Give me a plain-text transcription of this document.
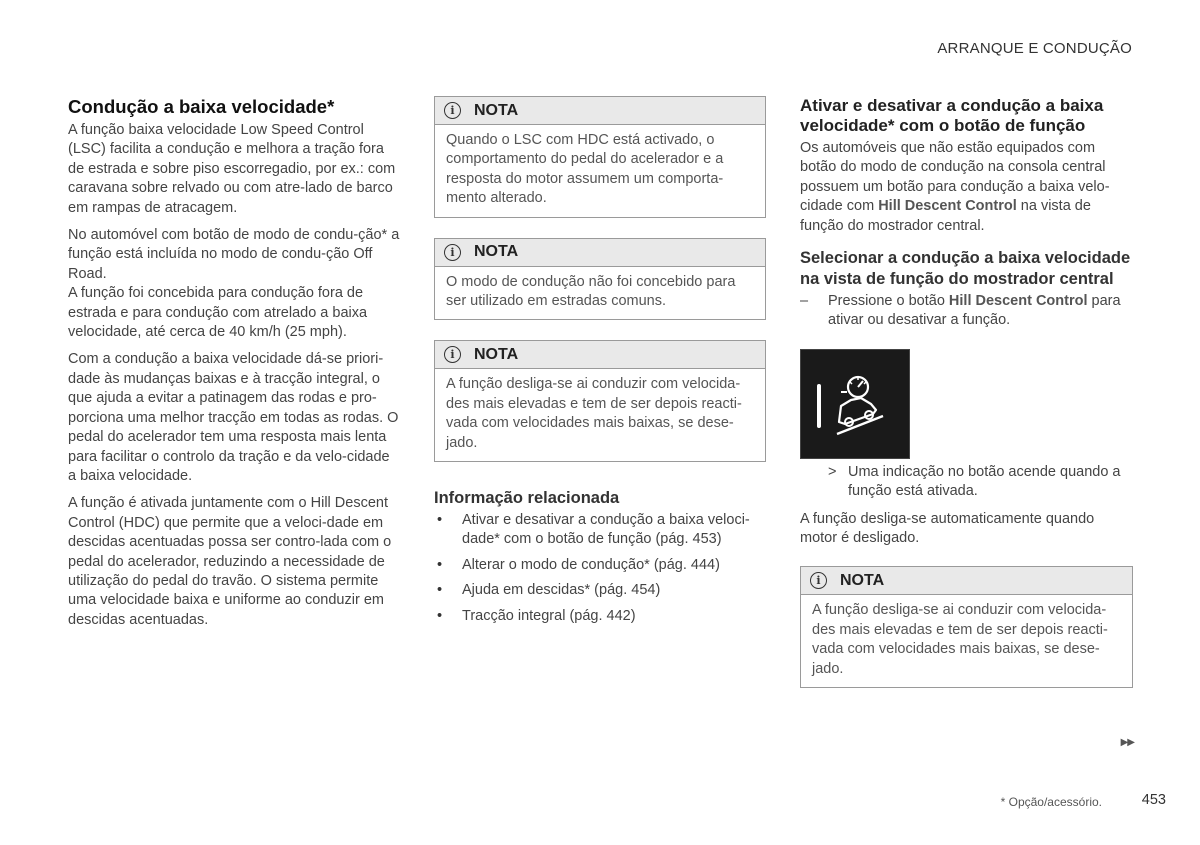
ARRANQUE E CONDUÇÃO
Condução a baixa velocidade*

A função baixa velocidade Low Speed Control (LSC) facilita a condução e melhora a tração fora de estrada e sobre piso escorregadio, por ex.: com caravana sobre relvado ou com atre-lado de barco em rampas de atracagem.

No automóvel com botão de modo de condu-ção* a função está incluída no modo de condu-ção Off Road.

A função foi concebida para condução fora de estrada e para condução com atrelado a baixa velocidade, até cerca de 40 km/h (25 mph).

Com a condução a baixa velocidade dá-se priori-dade às mudanças baixas e à tracção integral, o que ajuda a evitar a patinagem das rodas e pro-porciona uma melhor tracção em todas as rodas. O pedal do acelerador tem uma resposta mais lenta para facilitar o controlo da tração e da velo-cidade a baixa velocidade.

A função é ativada juntamente com o Hill Descent Control (HDC) que permite que a veloci-dade em descidas acentuadas possa ser contro-lada com o pedal do acelerador, reduzindo a necessidade de utilização do pedal do travão. O sistema permite uma velocidade baixa e uniforme ao conduzir em descidas acentuadas.

i	NOTA
Quando o LSC com HDC está activado, o comportamento do pedal do acelerador e a resposta do motor assumem um comporta-mento alterado.
i	NOTA
O modo de condução não foi concebido para ser utilizado em estradas comuns.
i	NOTA
A função desliga-se ai conduzir com velocida-des mais elevadas e tem de ser depois reacti-vada com velocidades mais baixas, se dese-jado.
Informação relacionada
• Ativar e desativar a condução a baixa veloci-dade* com o botão de função (pág. 453)
• Alterar o modo de condução* (pág. 444)
• Ajuda em descidas* (pág. 454)
• Tracção integral (pág. 442)
Ativar e desativar a condução a baixa velocidade* com o botão de função

Os automóveis que não estão equipados com botão do modo de condução na consola central possuem um botão para condução a baixa velo-cidade com Hill Descent Control na vista de função do mostrador central.

Selecionar a condução a baixa velocidade na vista de função do mostrador central

– Pressione o botão Hill Descent Control para ativar ou desativar a função.

> Uma indicação no botão acende quando a função está ativada.

A função desliga-se automaticamente quando motor é desligado.

i	NOTA
A função desliga-se ai conduzir com velocida-des mais elevadas e tem de ser depois reacti-vada com velocidades mais baixas, se dese-jado.
▶▶
* Opção/acessório.	453
